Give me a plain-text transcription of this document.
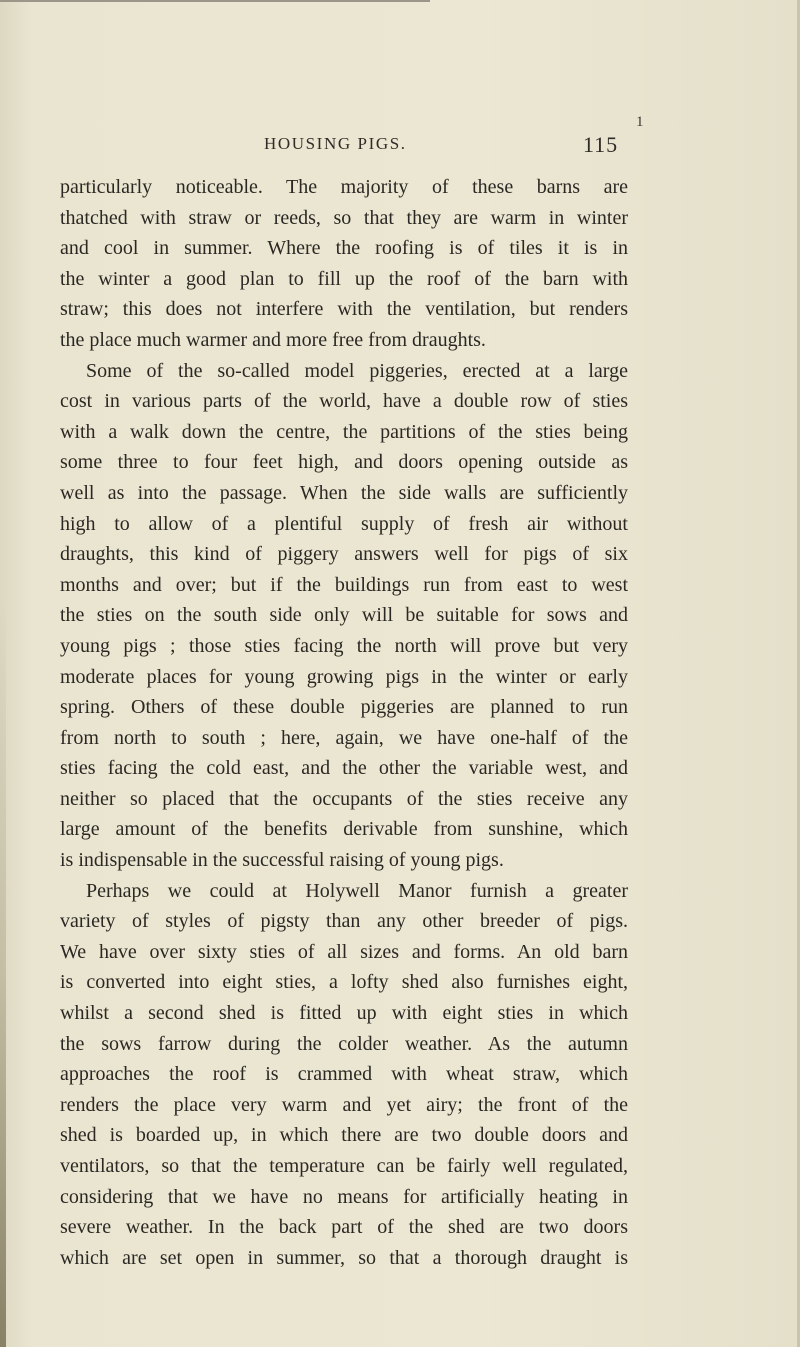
1
HOUSING PIGS.	115
particularly noticeable. The majority of these barns are
thatched with straw or reeds, so that they are warm in winter
and cool in summer. Where the roofing is of tiles it is in
the winter a good plan to fill up the roof of the barn with
straw; this does not interfere with the ventilation, but renders
the place much warmer and more free from draughts.
Some of the so-called model piggeries, erected at a large
cost in various parts of the world, have a double row of sties
with a walk down the centre, the partitions of the sties being
some three to four feet high, and doors opening outside as
well as into the passage. When the side walls are sufficiently
high to allow of a plentiful supply of fresh air without
draughts, this kind of piggery answers well for pigs of six
months and over; but if the buildings run from east to west
the sties on the south side only will be suitable for sows and
young pigs ; those sties facing the north will prove but very
moderate places for young growing pigs in the winter or early
spring. Others of these double piggeries are planned to run
from north to south ; here, again, we have one-half of the
sties facing the cold east, and the other the variable west, and
neither so placed that the occupants of the sties receive any
large amount of the benefits derivable from sunshine, which
is indispensable in the successful raising of young pigs.
Perhaps we could at Holywell Manor furnish a greater
variety of styles of pigsty than any other breeder of pigs.
We have over sixty sties of all sizes and forms. An old barn
is converted into eight sties, a lofty shed also furnishes eight,
whilst a second shed is fitted up with eight sties in which
the sows farrow during the colder weather. As the autumn
approaches the roof is crammed with wheat straw, which
renders the place very warm and yet airy; the front of the
shed is boarded up, in which there are two double doors and
ventilators, so that the temperature can be fairly well regulated,
considering that we have no means for artificially heating in
severe weather. In the back part of the shed are two doors
which are set open in summer, so that a thorough draught is
